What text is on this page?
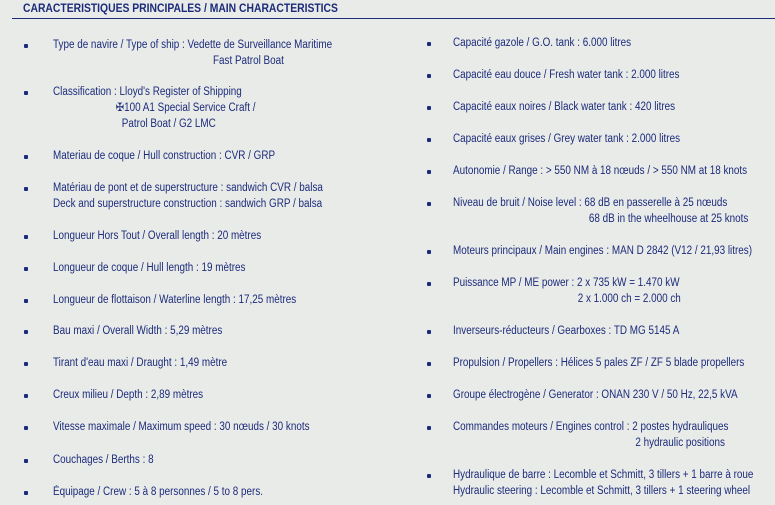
CARACTERISTIQUES PRINCIPALES / MAIN CHARACTERISTICS
Type de navire / Type of ship : Vedette de Surveillance Maritime
Fast Patrol Boat
Classification : Lloyd's Register of Shipping
✠100 A1 Special Service Craft /
Patrol Boat / G2 LMC
Materiau de coque / Hull construction : CVR / GRP
Matériau de pont et de superstructure : sandwich CVR / balsa
Deck and superstructure construction : sandwich GRP / balsa
Longueur Hors Tout / Overall length : 20 mètres
Longueur de coque / Hull length : 19 mètres
Longueur de flottaison / Waterline length : 17,25 mètres
Bau maxi / Overall Width : 5,29 mètres
Tirant d'eau maxi / Draught : 1,49 mètre
Creux milieu / Depth : 2,89 mètres
Vitesse maximale / Maximum speed : 30 nœuds / 30 knots
Couchages / Berths : 8
Équipage / Crew : 5 à 8 personnes / 5 to 8 pers.
Capacité gazole / G.O. tank : 6.000 litres
Capacité eau douce / Fresh water tank : 2.000 litres
Capacité eaux noires / Black water tank : 420 litres
Capacité eaux grises / Grey water tank : 2.000 litres
Autonomie / Range : > 550 NM à 18 nœuds / > 550 NM at 18 knots
Niveau de bruit / Noise level : 68 dB en passerelle à 25 nœuds
68 dB in the wheelhouse at 25 knots
Moteurs principaux / Main engines : MAN D 2842 (V12 / 21,93 litres)
Puissance MP / ME power : 2 x 735 kW = 1.470 kW
2 x 1.000 ch = 2.000 ch
Inverseurs-réducteurs / Gearboxes : TD MG 5145 A
Propulsion / Propellers : Hélices 5 pales ZF / ZF 5 blade propellers
Groupe électrogène / Generator : ONAN 230 V / 50 Hz, 22,5 kVA
Commandes moteurs / Engines control : 2 postes hydrauliques
2 hydraulic positions
Hydraulique de barre : Lecomble et Schmitt, 3 tillers + 1 barre à roue
Hydraulic steering : Lecomble et Schmitt, 3 tillers + 1 steering wheel
